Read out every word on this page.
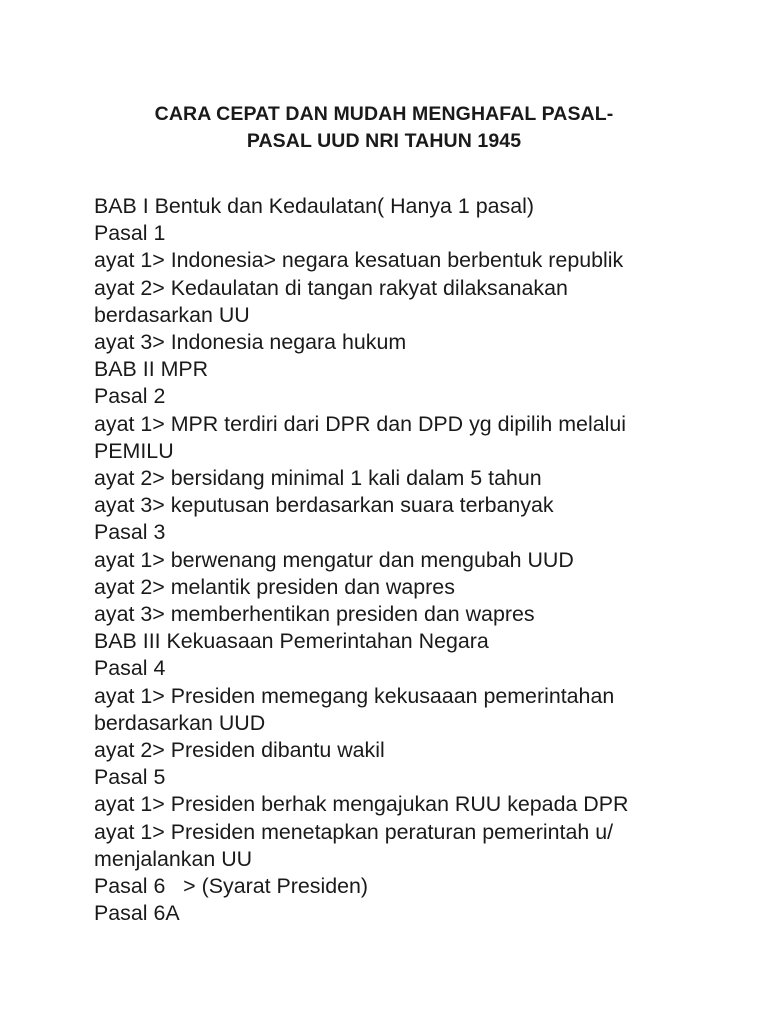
CARA CEPAT DAN MUDAH MENGHAFAL PASAL-
PASAL UUD NRI TAHUN 1945
BAB I Bentuk dan Kedaulatan( Hanya 1 pasal)
Pasal 1
ayat 1> Indonesia> negara kesatuan berbentuk republik
ayat 2> Kedaulatan di tangan rakyat dilaksanakan
berdasarkan UU
ayat 3> Indonesia negara hukum
BAB II MPR
Pasal 2
ayat 1> MPR terdiri dari DPR dan DPD yg dipilih melalui
PEMILU
ayat 2> bersidang minimal 1 kali dalam 5 tahun
ayat 3> keputusan berdasarkan suara terbanyak
Pasal 3
ayat 1> berwenang mengatur dan mengubah UUD
ayat 2> melantik presiden dan wapres
ayat 3> memberhentikan presiden dan wapres
BAB III Kekuasaan Pemerintahan Negara
Pasal 4
ayat 1> Presiden memegang kekusaaan pemerintahan
berdasarkan UUD
ayat 2> Presiden dibantu wakil
Pasal 5
ayat 1> Presiden berhak mengajukan RUU kepada DPR
ayat 1> Presiden menetapkan peraturan pemerintah u/
menjalankan UU
Pasal 6   > (Syarat Presiden)
Pasal 6A
